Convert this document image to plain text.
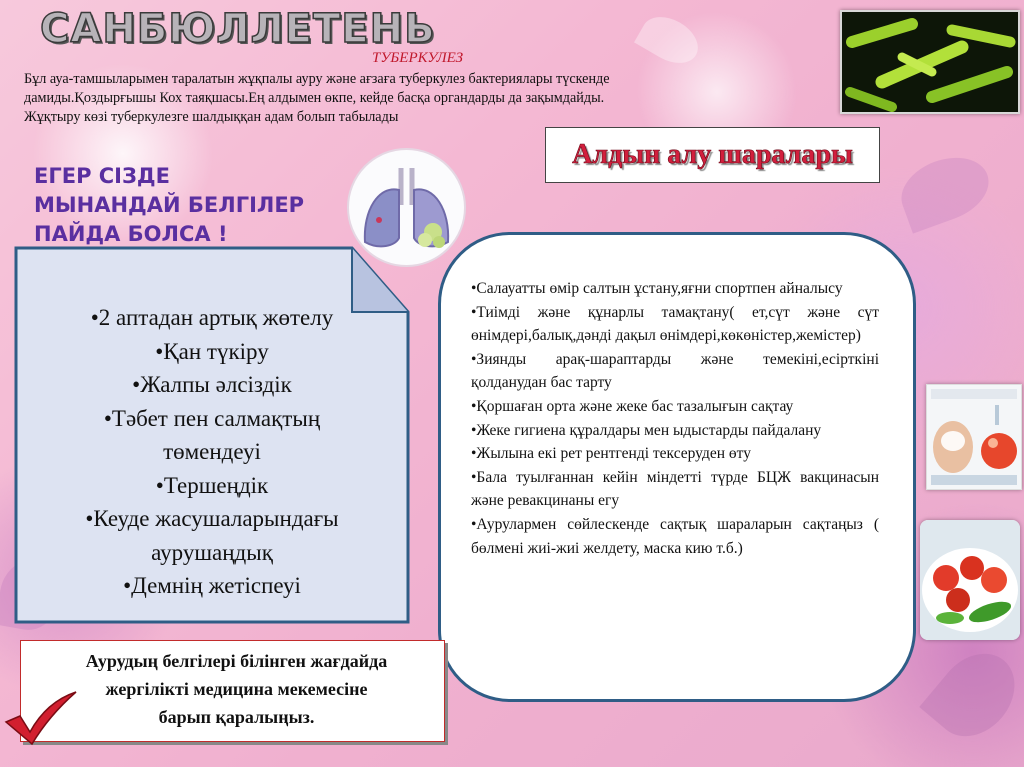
САНБЮЛЛЕТЕНЬ
ТУБЕРКУЛЕЗ

Бұл ауа-тамшыларымен таралатын жұқпалы ауру және ағзаға туберкулез бактериялары түскенде
дамиды.Қоздырғышы Кох таяқшасы.Ең алдымен өкпе, кейде басқа органдарды да зақымдайды.
Жұқтыру көзі туберкулезге шалдыққан адам болып табылады

Алдын алу шаралары
ЕГЕР СІЗДЕ
МЫНАНДАЙ БЕЛГІЛЕР
ПАЙДА БОЛСА !
•2 аптадан артық жөтелу
•Қан түкіру
•Жалпы әлсіздік
•Тәбет пен салмақтың
төмендеуі
•Тершеңдік
•Кеуде жасушаларындағы
аурушаңдық
•Демнің жетіспеуі
•Салауатты өмір салтын ұстану,яғни спортпен айналысу
•Тиімді және құнарлы тамақтану( ет,сүт және сүт өнімдері,балық,дәнді дақыл өнімдері,көкөністер,жемістер)
•Зиянды арақ-шараптарды және темекіні,есірткіні қолданудан бас тарту
•Қоршаған орта және жеке бас тазалығын сақтау
•Жеке гигиена құралдары мен ыдыстарды пайдалану
•Жылына екі рет рентгенді тексеруден өту
•Бала туылғаннан кейін міндетті түрде БЦЖ вакцинасын және ревакцинаны егу
•Аурулармен сөйлескенде сақтық шараларын сақтаңыз ( бөлмені жиі-жиі желдету, маска кию т.б.)
Аурудың белгілері білінген жағдайда
жергілікті медицина мекемесіне
барып қаралыңыз.
